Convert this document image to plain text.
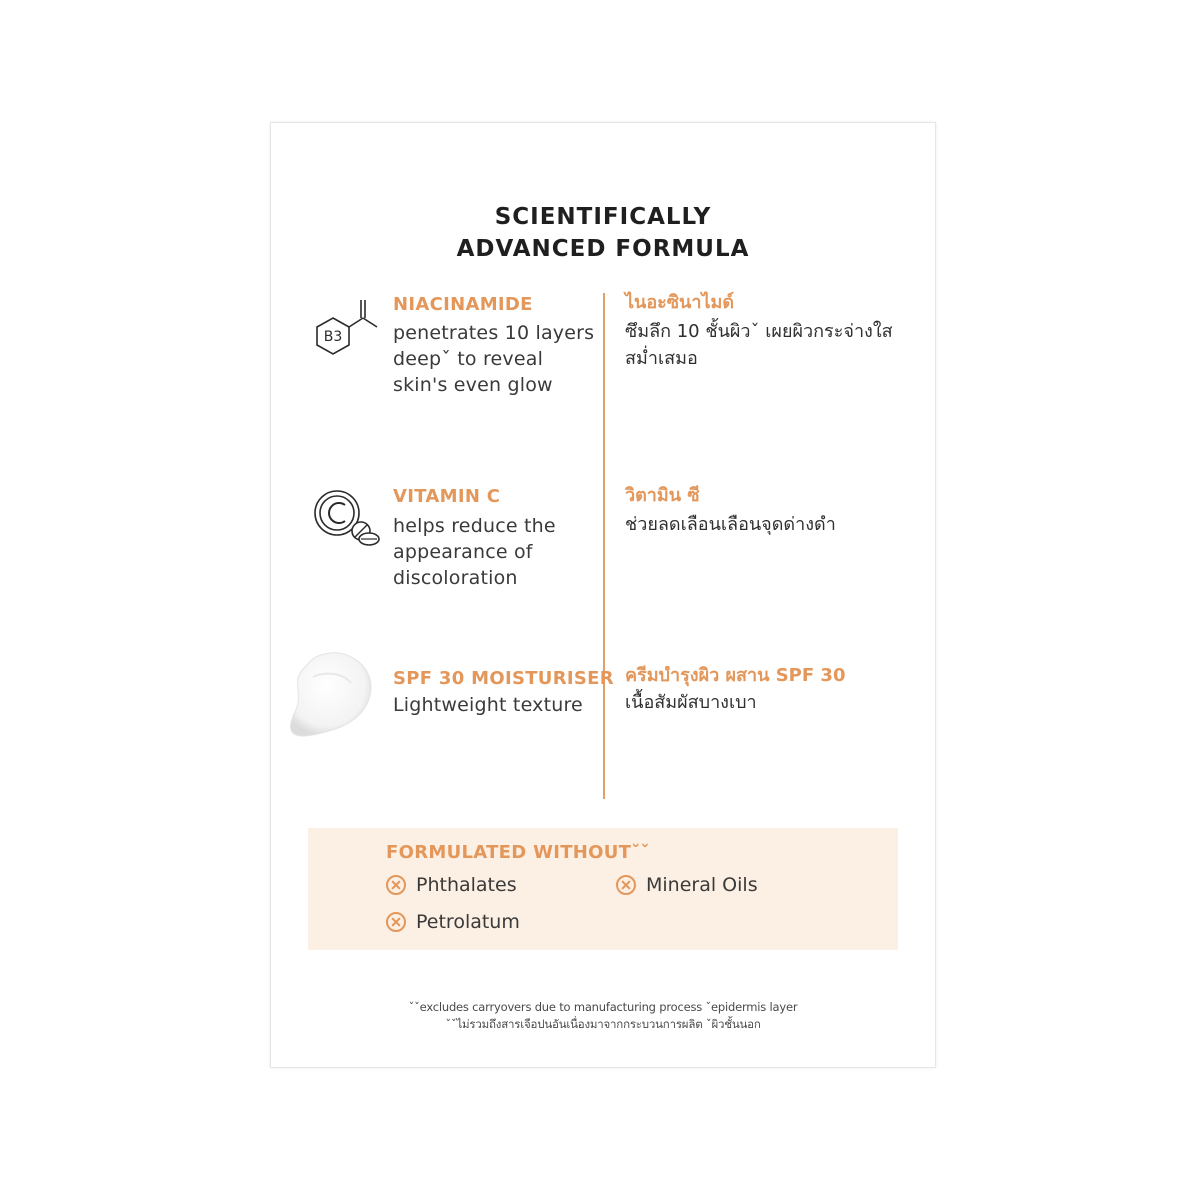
SCIENTIFICALLY
ADVANCED FORMULA
B3
NIACINAMIDE
penetrates 10 layers
deepˇ to reveal
skin's even glow
ไนอะซินาไมด์
ซึมลึก 10 ชั้นผิวˇ เผยผิวกระจ่างใส สม่ำเสมอ
VITAMIN C
helps reduce the
appearance of
discoloration
วิตามิน ซี
ช่วยลดเลือนเลือนจุดด่างดำ
SPF 30 MOISTURISER
Lightweight texture
ครีมบำรุงผิว ผสาน SPF 30
เนื้อสัมผัสบางเบา
FORMULATED WITHOUTˇˇ
Phthalates	Mineral Oils
Petrolatum
ˇˇexcludes carryovers due to manufacturing process ˇepidermis layer
ˇˇไม่รวมถึงสารเจือปนอันเนื่องมาจากกระบวนการผลิต ˇผิวชั้นนอก
